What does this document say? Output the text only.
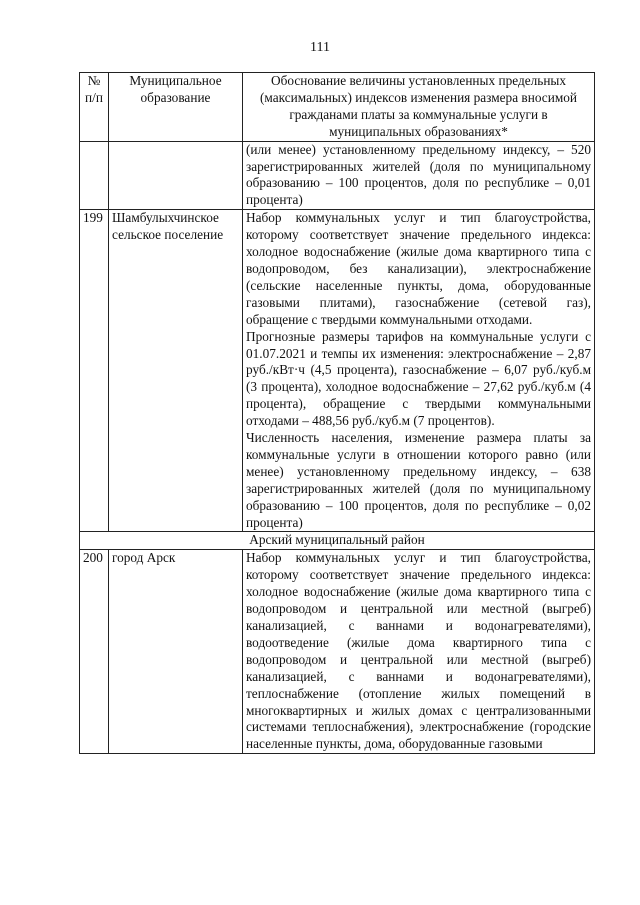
111
№ п/п	Муниципальное образование	Обоснование величины установленных предельных (максимальных) индексов изменения размера вносимой гражданами платы за коммунальные услуги в муниципальных образованиях*

		(или менее) установленному предельному индексу, – 520 зарегистрированных жителей (доля по муниципальному образованию – 100 процентов, доля по республике – 0,01 процента)

199	Шамбулыхчинское сельское поселение	Набор коммунальных услуг и тип благоустройства, которому соответствует значение предельного индекса: холодное водоснабжение (жилые дома квартирного типа с водопроводом, без канализации), электроснабжение (сельские населенные пункты, дома, оборудованные газовыми плитами), газоснабжение (сетевой газ), обращение с твердыми коммунальными отходами.

Прогнозные размеры тарифов на коммунальные услуги с 01.07.2021 и темпы их изменения: электроснабжение – 2,87 руб./кВт·ч (4,5 процента), газоснабжение – 6,07 руб./куб.м (3 процента), холодное водоснабжение – 27,62 руб./куб.м (4 процента), обращение с твердыми коммунальными отходами – 488,56 руб./куб.м (7 процентов).

Численность населения, изменение размера платы за коммунальные услуги в отношении которого равно (или менее) установленному предельному индексу, – 638 зарегистрированных жителей (доля по муниципальному образованию – 100 процентов, доля по республике – 0,02 процента)

Арский муниципальный район		
200	город Арск	Набор коммунальных услуг и тип благоустройства, которому соответствует значение предельного индекса: холодное водоснабжение (жилые дома квартирного типа с водопроводом и центральной или местной (выгреб) канализацией, с ваннами и водонагревателями), водоотведение (жилые дома квартирного типа с водопроводом и центральной или местной (выгреб) канализацией, с ваннами и водонагревателями), теплоснабжение (отопление жилых помещений в многоквартирных и жилых домах с централизованными системами теплоснабжения), электроснабжение (городские населенные пункты, дома, оборудованные газовыми
